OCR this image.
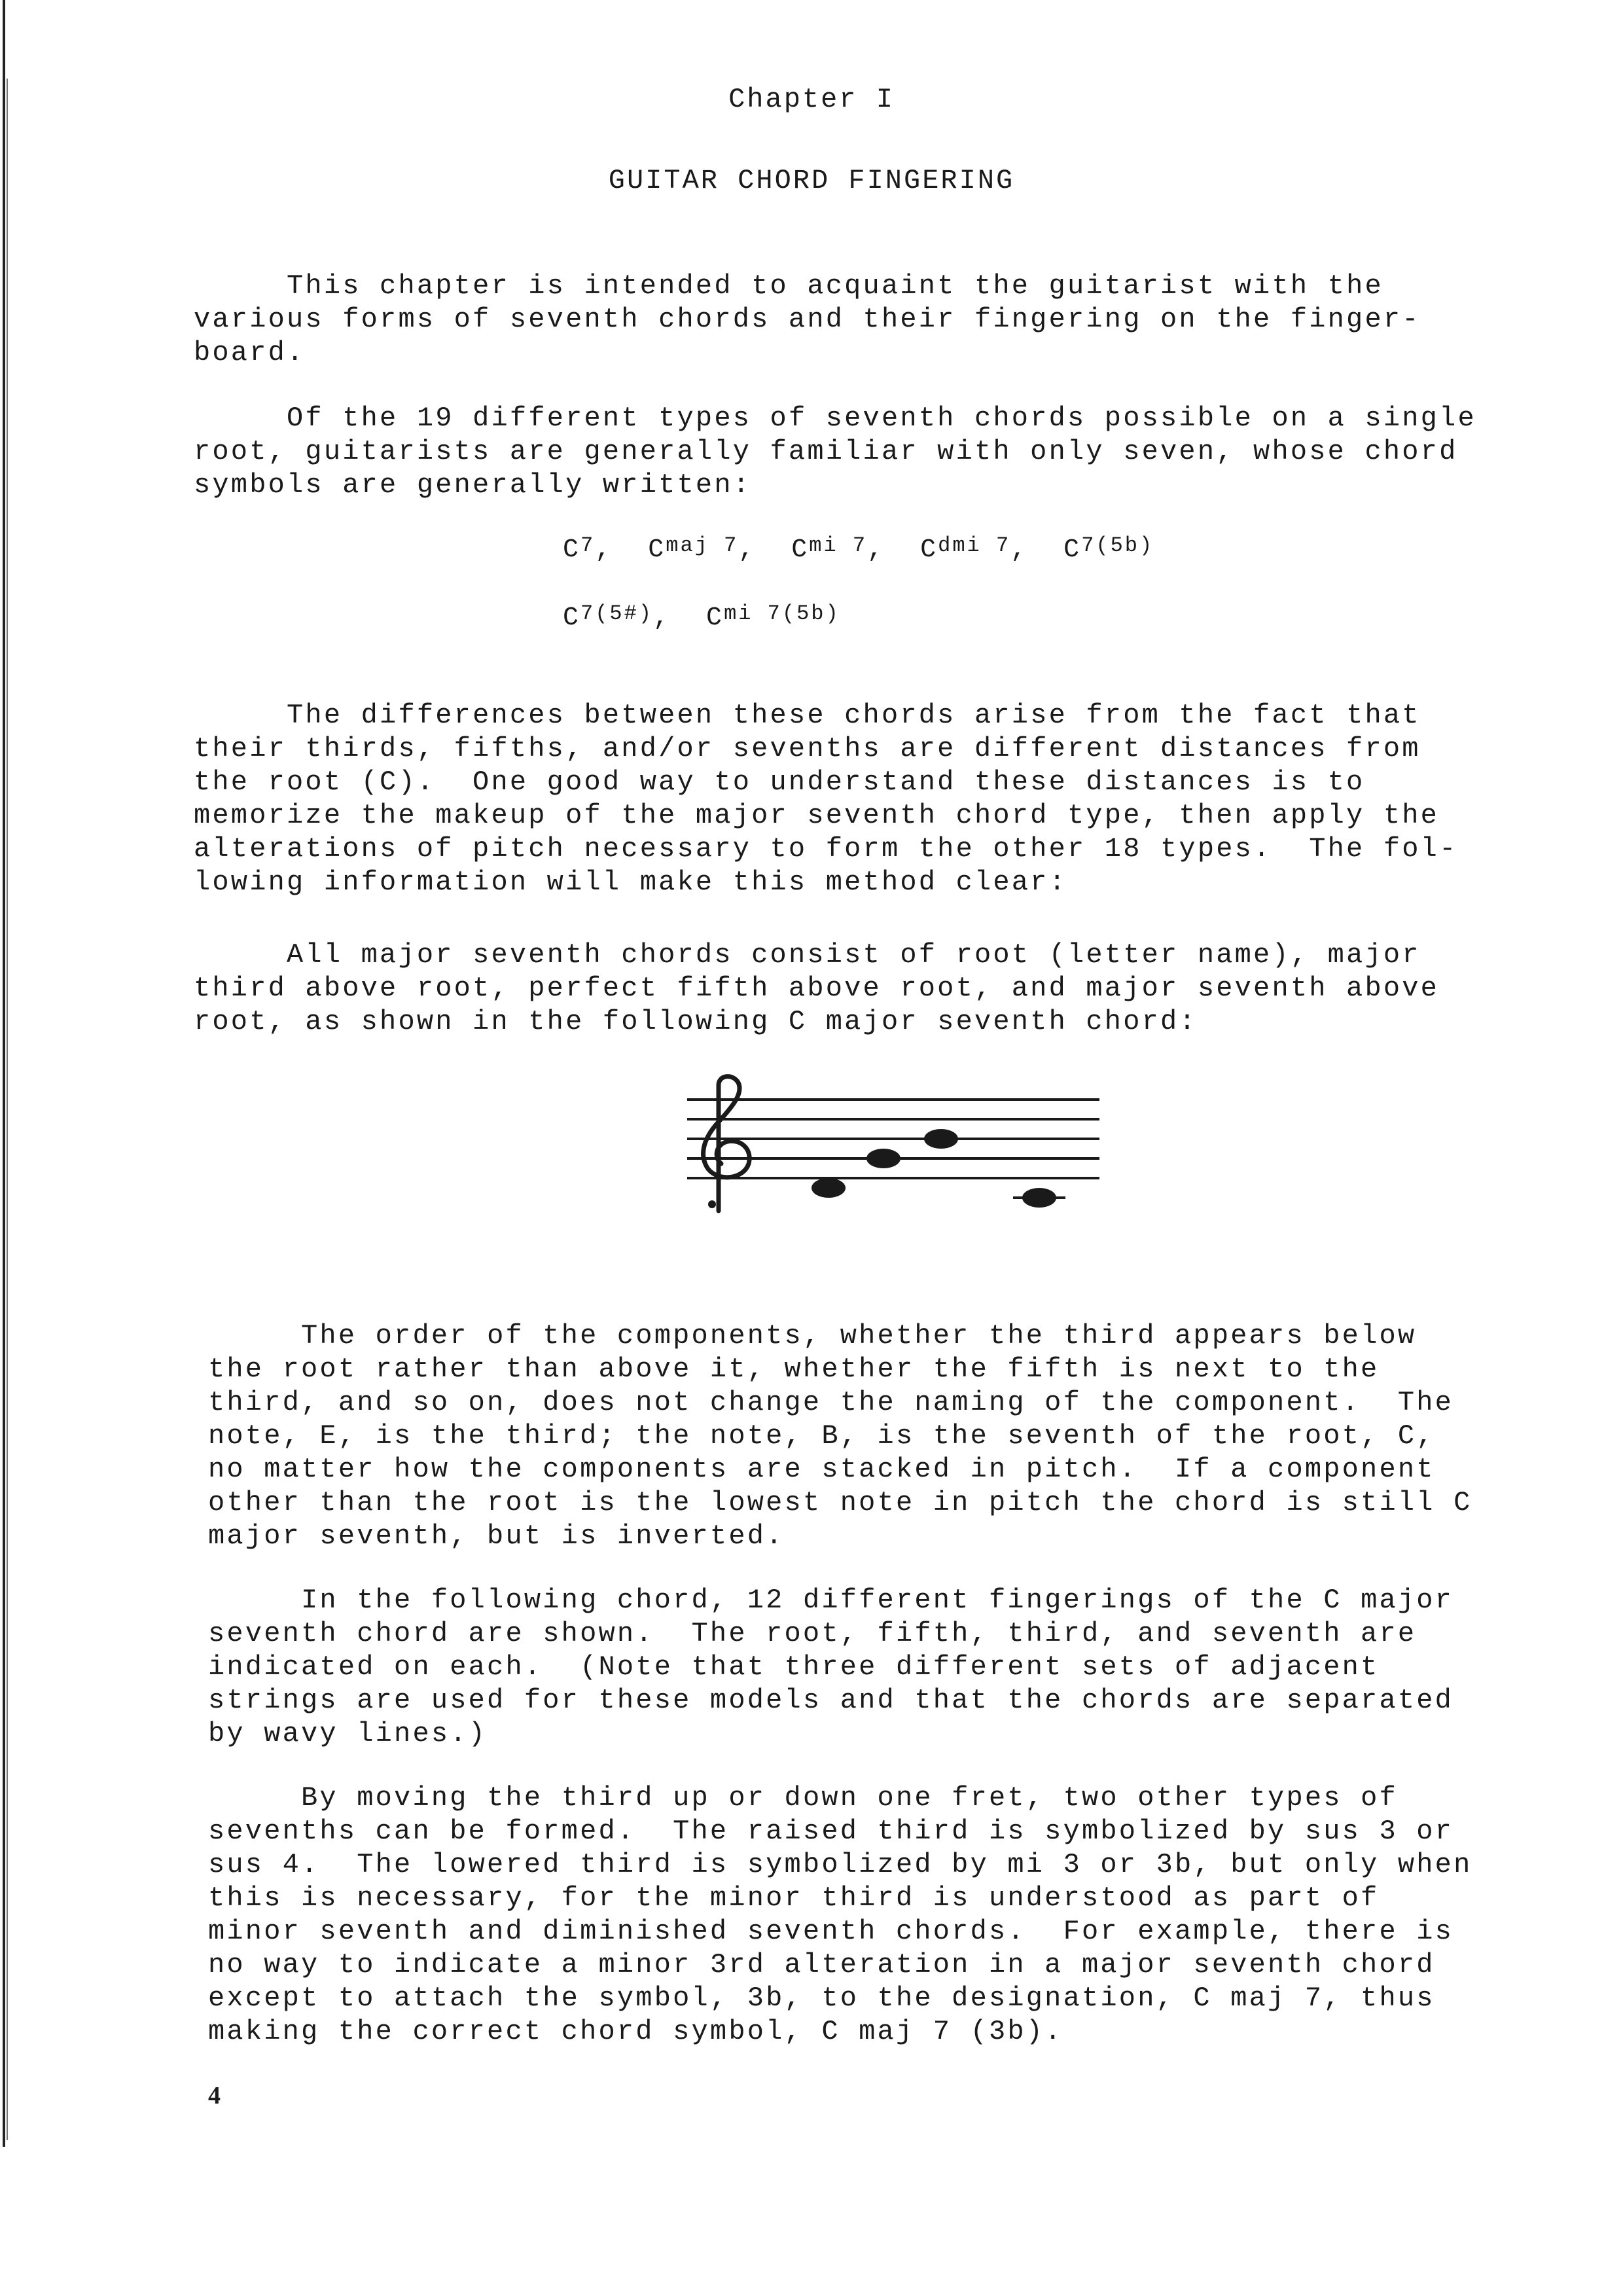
Chapter I
GUITAR CHORD FINGERING

This chapter is intended to acquaint the guitarist with the
various forms of seventh chords and their fingering on the finger-
board.

Of the 19 different types of seventh chords possible on a single
root, guitarists are generally familiar with only seven, whose chord
symbols are generally written:

$C^7$,  $C^{maj 7}$,  $C^{mi 7}$,  $C^{dmi 7}$,  $C^{7(5b)}$
$C^{7(5\#)}$,  $C^{mi 7(5b)}$

The differences between these chords arise from the fact that
their thirds, fifths, and/or sevenths are different distances from
the root (C).  One good way to understand these distances is to
memorize the makeup of the major seventh chord type, then apply the
alterations of pitch necessary to form the other 18 types.  The fol-
lowing information will make this method clear:

All major seventh chords consist of root (letter name), major
third above root, perfect fifth above root, and major seventh above
root, as shown in the following C major seventh chord:

The order of the components, whether the third appears below
the root rather than above it, whether the fifth is next to the
third, and so on, does not change the naming of the component.  The
note, E, is the third; the note, B, is the seventh of the root, C,
no matter how the components are stacked in pitch.  If a component
other than the root is the lowest note in pitch the chord is still C
major seventh, but is inverted.

In the following chord, 12 different fingerings of the C major
seventh chord are shown.  The root, fifth, third, and seventh are
indicated on each.  (Note that three different sets of adjacent
strings are used for these models and that the chords are separated
by wavy lines.)

By moving the third up or down one fret, two other types of
sevenths can be formed.  The raised third is symbolized by sus 3 or
sus 4.  The lowered third is symbolized by mi 3 or 3b, but only when
this is necessary, for the minor third is understood as part of
minor seventh and diminished seventh chords.  For example, there is
no way to indicate a minor 3rd alteration in a major seventh chord
except to attach the symbol, 3b, to the designation, C maj 7, thus
making the correct chord symbol, C maj 7 (3b).

4
